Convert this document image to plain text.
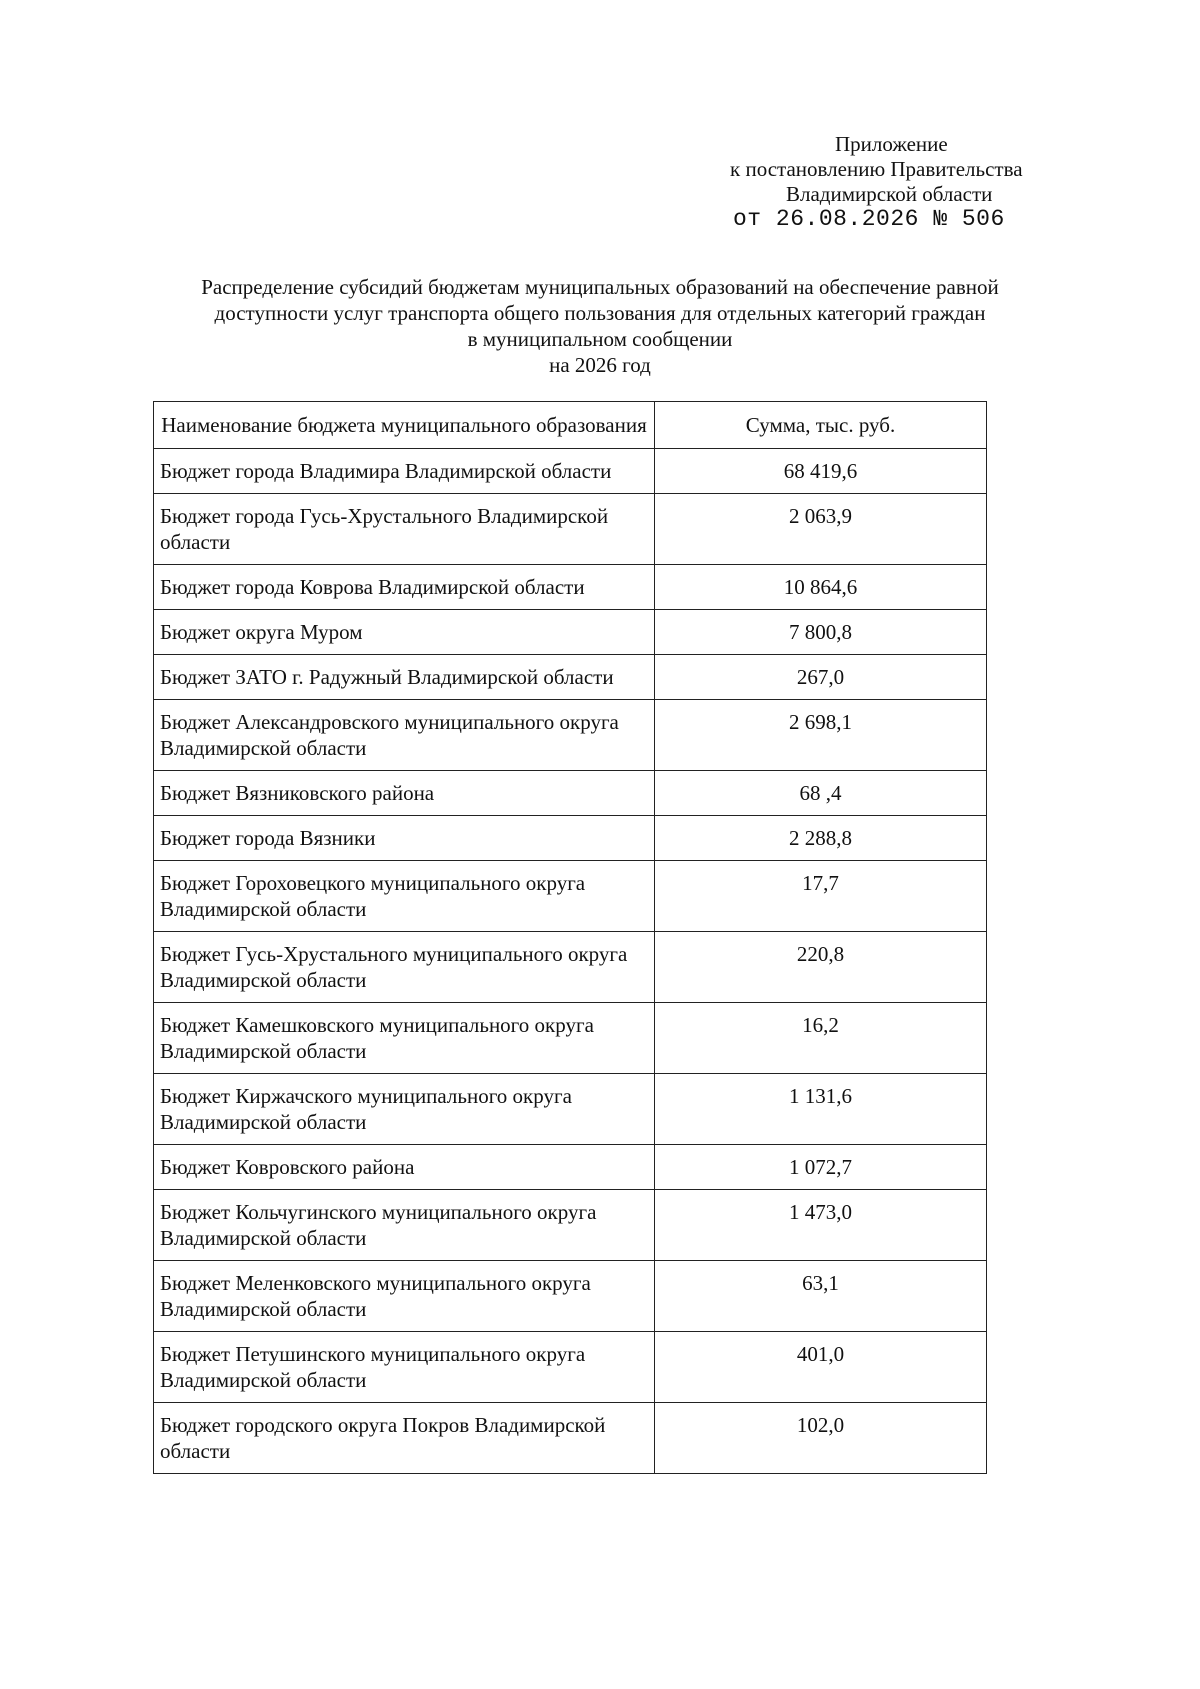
Приложение
к постановлению Правительства
Владимирской области
от 26.08.2026 № 506
Распределение субсидий бюджетам муниципальных образований на обеспечение равной
доступности услуг транспорта общего пользования для отдельных категорий граждан
в муниципальном сообщении
на 2026 год
Наименование бюджета муниципального образования	Сумма, тыс. руб.
Бюджет города Владимира Владимирской области	68 419,6
Бюджет города Гусь-Хрустального Владимирской области	2 063,9
Бюджет города Коврова Владимирской области	10 864,6
Бюджет округа Муром	7 800,8
Бюджет ЗАТО г. Радужный Владимирской области	267,0
Бюджет Александровского муниципального округа Владимирской области	2 698,1
Бюджет Вязниковского района	68 ,4
Бюджет города Вязники	2 288,8
Бюджет Гороховецкого муниципального округа Владимирской области	17,7
Бюджет Гусь-Хрустального муниципального округа Владимирской области	220,8
Бюджет Камешковского муниципального округа Владимирской области	16,2
Бюджет Киржачского муниципального округа Владимирской области	1 131,6
Бюджет Ковровского района	1 072,7
Бюджет Кольчугинского муниципального округа Владимирской области	1 473,0
Бюджет Меленковского муниципального округа Владимирской области	63,1
Бюджет Петушинского муниципального округа Владимирской области	401,0
Бюджет городского округа Покров Владимирской области	102,0
